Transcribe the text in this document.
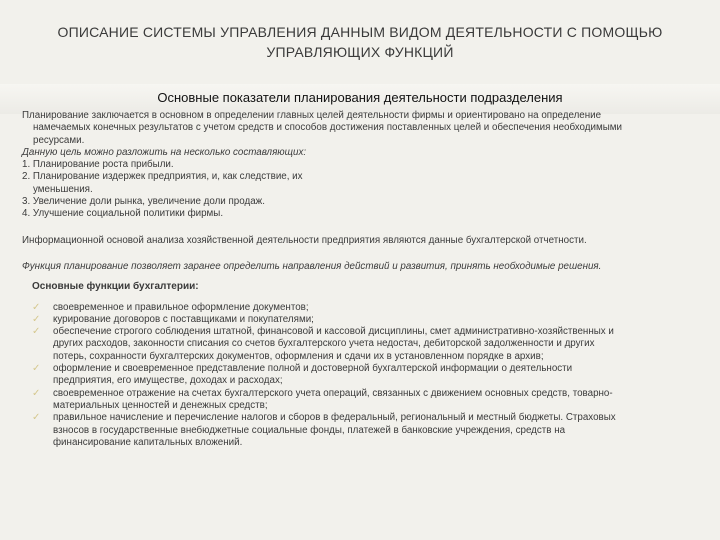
ОПИСАНИЕ СИСТЕМЫ УПРАВЛЕНИЯ ДАННЫМ ВИДОМ ДЕЯТЕЛЬНОСТИ С ПОМОЩЬЮ УПРАВЛЯЮЩИХ ФУНКЦИЙ
Основные показатели планирования деятельности подразделения

Планирование заключается в основном в определении главных целей деятельности фирмы и ориентировано на определение

намечаемых конечных результатов с учетом средств и способов достижения поставленных целей и обеспечения необходимыми

ресурсами.

Данную цель можно разложить на несколько составляющих:

1. Планирование роста прибыли.

2. Планирование издержек предприятия, и, как следствие, их

уменьшения.

3. Увеличение доли рынка, увеличение доли продаж.

4. Улучшение социальной политики фирмы.

Информационной основой анализа хозяйственной деятельности предприятия являются данные бухгалтерской отчетности.

Функция планирование позволяет заранее определить направления действий и развития, принять необходимые решения.

Основные функции бухгалтерии:

✓ своевременное и правильное оформление документов;
✓ курирование договоров с поставщиками и покупателями;
✓ обеспечение строгого соблюдения штатной, финансовой и кассовой дисциплины, смет административно-хозяйственных и
других расходов, законности списания со счетов бухгалтерского учета недостач, дебиторской задолженности и других
потерь, сохранности бухгалтерских документов, оформления и сдачи их в установленном порядке в архив;
✓ оформление и своевременное представление полной и достоверной бухгалтерской информации о деятельности
предприятия, его имуществе, доходах и расходах;
✓ своевременное отражение на счетах бухгалтерского учета операций, связанных с движением основных средств, товарно-
материальных ценностей и денежных средств;
✓ правильное начисление и перечисление налогов и сборов в федеральный, региональный и местный бюджеты. Страховых
взносов в государственные внебюджетные социальные фонды, платежей в банковские учреждения, средств на
финансирование капитальных вложений.
